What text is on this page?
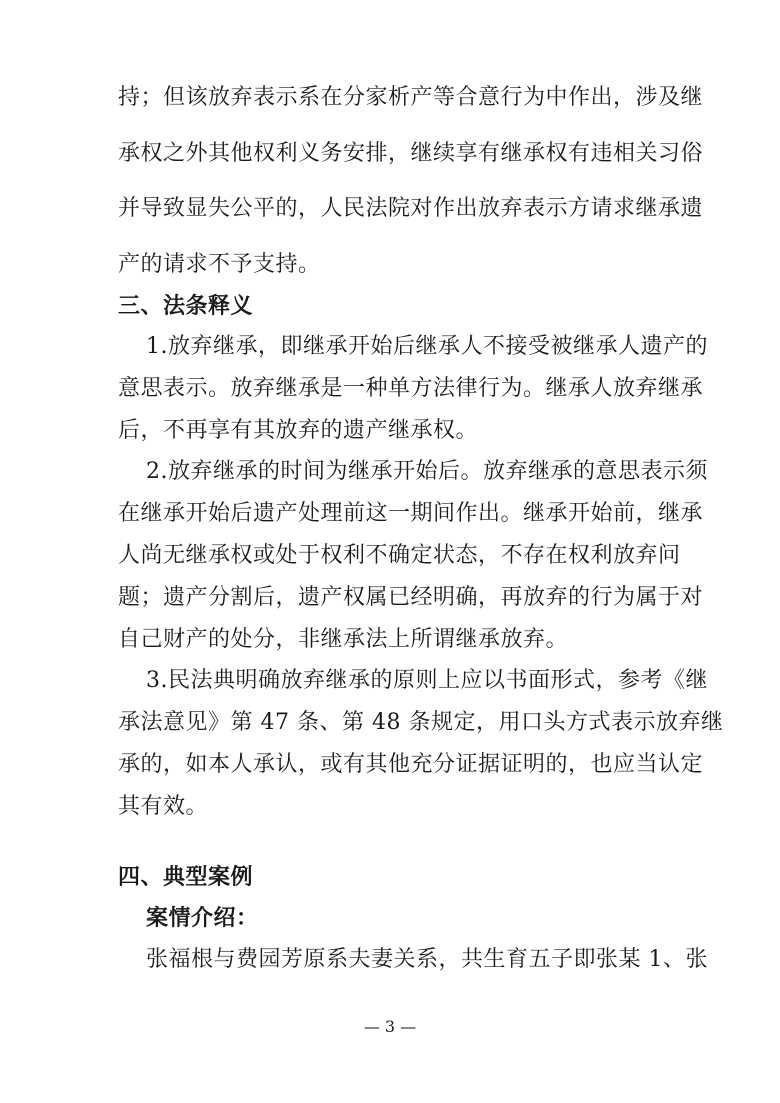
持；但该放弃表示系在分家析产等合意行为中作出，涉及继
承权之外其他权利义务安排，继续享有继承权有违相关习俗
并导致显失公平的，人民法院对作出放弃表示方请求继承遗
产的请求不予支持。
三、法条释义
1.放弃继承，即继承开始后继承人不接受被继承人遗产的
意思表示。放弃继承是一种单方法律行为。继承人放弃继承
后，不再享有其放弃的遗产继承权。
2.放弃继承的时间为继承开始后。放弃继承的意思表示须
在继承开始后遗产处理前这一期间作出。继承开始前，继承
人尚无继承权或处于权利不确定状态，不存在权利放弃问
题；遗产分割后，遗产权属已经明确，再放弃的行为属于对
自己财产的处分，非继承法上所谓继承放弃。
3.民法典明确放弃继承的原则上应以书面形式，参考《继
承法意见》第 47 条、第 48 条规定，用口头方式表示放弃继
承的，如本人承认，或有其他充分证据证明的，也应当认定
其有效。
四、典型案例
案情介绍：
张福根与费园芳原系夫妻关系，共生育五子即张某 1、张
— 3 —
